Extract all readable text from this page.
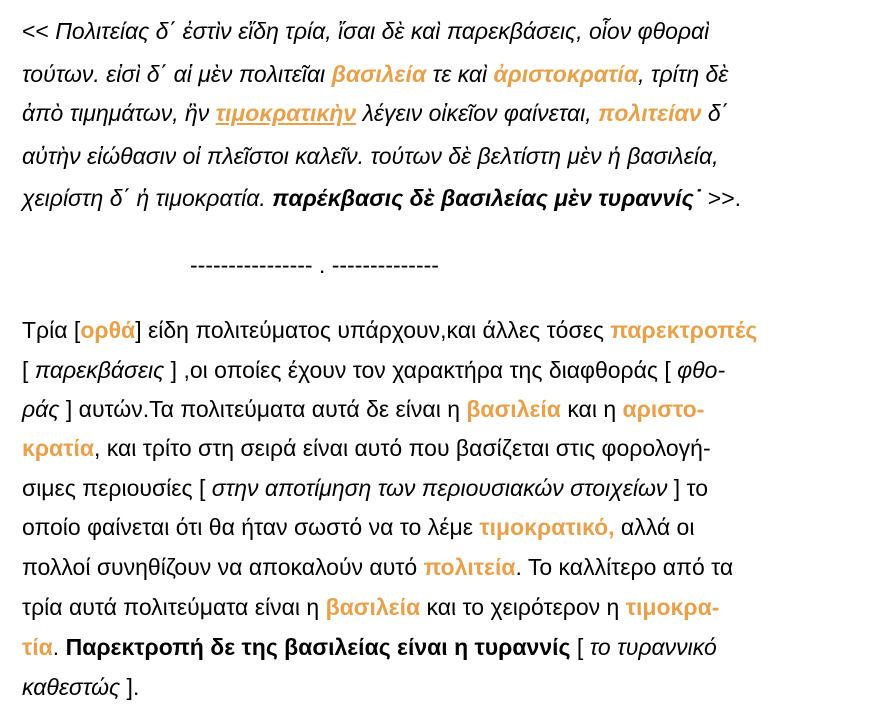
<< Πολιτείας δ΄ ἐστὶν εἴδη τρία, ἴσαι δὲ καὶ παρεκβάσεις, οἷον φθοραὶ
τούτων. εἰσὶ δ΄ αἱ μὲν πολιτεῖαι βασιλεία τε καὶ ἀριστοκρατία, τρίτη δὲ
ἀπὸ τιμημάτων, ἣν τιμοκρατικὴν λέγειν οἰκεῖον φαίνεται, πολιτείαν δ΄
αὐτὴν εἰώθασιν οἱ πλεῖστοι καλεῖν. τούτων δὲ βελτίστη μὲν ἡ βασιλεία,
χειρίστη δ΄ ἡ τιμοκρατία. παρέκβασις δὲ βασιλείας μὲν τυραννίς˙ >>.
---------------- . --------------
Τρία [ορθά] είδη πολιτεύματος υπάρχουν,και άλλες τόσες παρεκτροπές
[ παρεκβάσεις ] ,οι οποίες έχουν τον χαρακτήρα της διαφθοράς [ φθο-
ράς ] αυτών.Τα πολιτεύματα αυτά δε είναι η βασιλεία και η αριστο-
κρατία, και τρίτο στη σειρά είναι αυτό που βασίζεται στις φορολογή-
σιμες περιουσίες [ στην αποτίμηση των περιουσιακών στοιχείων ] το
οποίο φαίνεται ότι θα ήταν σωστό να το λέμε τιμοκρατικό, αλλά οι
πολλοί συνηθίζουν να αποκαλούν αυτό πολιτεία. Το καλλίτερο από τα
τρία αυτά πολιτεύματα είναι η βασιλεία και το χειρότερον η τιμοκρα-
τία. Παρεκτροπή δε της βασιλείας είναι η τυραννίς [ το τυραννικό
καθεστώς ].
